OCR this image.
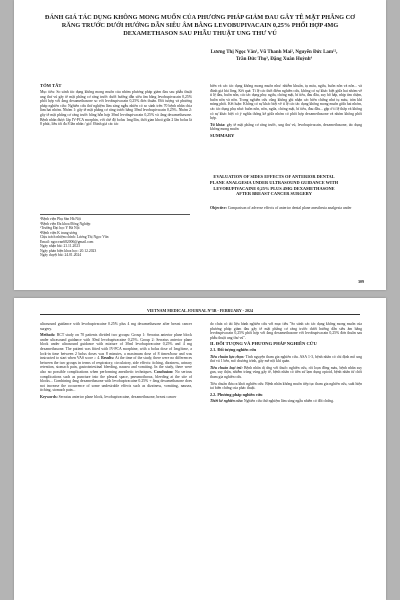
ĐÁNH GIÁ TÁC DỤNG KHÔNG MONG MUỐN CỦA PHƯƠNG PHÁP GIẢM ĐAU GÂY TÊ MẶT PHẲNG CƠ RĂNG TRƯỚC DƯỚI HƯỚNG DẪN SIÊU ÂM BẰNG LEVOBUPIVACAIN 0,25% PHỐI HỢP 4MG DEXAMETHASON SAU PHẪU THUẬT UNG THƯ VÚ
Lương Thị Ngọc Vân¹, Vũ Thanh Mai², Nguyễn Đức Lam¹²,
Trần Đức Thọ³, Đặng Xuân Huỳnh⁴
TÓM TẮT

Mục tiêu: So sánh tác dụng không mong muốn của nhóm phương pháp giảm đau sau phẫu thuật ung thư vú gây tê mặt phẳng cơ răng trước dưới hướng dẫn siêu âm bằng levobupivacain 0,25% phối hợp với 4mg dexamethasone so với levobupivacain 0,25% đơn thuần. Đối tượng và phương pháp nghiên cứu: Nghiên cứu thử nghiệm lâm sàng ngẫu nhiên có so sánh trên 70 bệnh nhân chia làm hai nhóm. Nhóm 1: gây tê mặt phẳng cơ răng trước bằng 30ml levobupivacain 0,25%. Nhóm 2: gây tê mặt phẳng cơ răng trước bằng hỗn hợp 30ml levobupivacain 0,25% và 4mg dexamethasone. Bệnh nhân được lắp IV-PCA morphin, với chế độ bolus 1mg/lần, thời gian khoá giữa 2 lần bolus là 8 phút, liều tối đa 8 lần nhấn / giờ. Đánh giá các tác

biến và các tác dụng không mong muốn như: nhiễm khuẩn, tụ máu, ngứa, buồn nôn và nôn... và đánh giá hài lòng. Kết quả: Tỉ lệ các thời điểm nghiên cứu, không có sự khác biệt giữa hai nhóm về tỉ lệ đau, buồn nôn, các tác dụng phụ: ngứa, chóng mặt, bí tiểu, đau đầu, suy hô hấp, nhịp tim chậm, buồn nôn và nôn. Trong nghiên cứu cũng không ghi nhận các biến chứng như tụ máu, tràn khí màng phổi. Kết luận: Không có sự khác biệt về tỉ lệ các tác dụng không mong muốn giữa hai nhóm, các tác dụng phụ như: buồn nôn, nôn, ngứa, chóng mặt, bí tiểu, đau đầu... gặp ở tỉ lệ thấp và không có sự khác biệt có ý nghĩa thống kê giữa nhóm có phối hợp dexamethasone và nhóm không phối hợp.

Từ khóa: gây tê mặt phẳng cơ răng trước, ung thư vú, levobupivacain, dexamethasone, tác dụng không mong muốn

SUMMARY
EVALUATION OF SIDES EFFECTS OF ANTERIOR DENTAL PLANE ANALGESIA UNDER ULTRASOUND GUIDANCE WITH LEVOBUPIVACAINE 0,25% PLUS 4MG DEXAMETHASONE AFTER BREAST CANCER SURGERY

Objective: Comparison of adverse effects of anterior dental plane anesthesia analgesia under

¹Bệnh viện Phụ Sản Hà Nội
²Bệnh viện Đa khoa Đống Nghiệp
³Trường Đại học Y Hà Nội
⁴Bệnh viện K trung ương
Chịu trách nhiệm chính: Lương Thị Ngọc Vân
Email: ngocvan682006@gmail.com
Ngày nhận bài: 21.11.2023
Ngày phản biện khoa học: 20.12.2023
Ngày duyệt bài: 24.01.2024
309
VIETNAM MEDICAL JOURNAL Nº3B - FEBRUARY - 2024

ultrasound guidance with levobupivacaine 0.25% plus 4 mg dexamethasone after breast cancer surgery.

Methods: RCT study on 70 patients divided two groups: Group 1: Serratus anterior plane block under ultrasound guidance with 30ml levobupivacaine 0,25%. Group 2: Serratus anterior plane block under ultrasound guidance with mixture of 30ml levobupivacaine 0,25% and 4 mg dexamethasone. The patient was fitted with IV-PCA morphine, with a bolus dose of 1mg/time, a lock-in time between 2 bolus doses was 8 minutes, a maximum dose of 8 times/hour and was instructed to start when VAS score ≥ 4. Results: At the time of the study, there were no differences between the two groups in terms of respiratory, circulatory, side effects: itching, dizziness, urinary retention, stomach pain, gastrointestinal bleeding, nausea and vomiting. In the study, there were also no possible complications when performing anesthetic techniques. Conclusion: No serious complications such as puncture into the pleural space, pneumothorax, bleeding at the site of blocks... Combining 4mg dexamethasone with levobupivacaine 0.25% + 4mg dexamethasone does not increase the occurrence of some undesirable effects such as dizziness, vomiting, nausea, itching, stomach pain...

Keywords: Serratus anterior plane block, levobupivacaine, dexamethasone, breast cancer

do chưa có tài liệu hành nghiên cứu với mục tiêu "So sánh các tác dụng không mong muốn của phương pháp giảm đau gây tê mặt phẳng cơ răng trước dưới hướng dẫn siêu âm bằng levobupivacain 0,25% phối hợp với 4mg dexamethasone với levobupivacain 0,25% đơn thuần sau phẫu thuật ung thư vú".

II. ĐỐI TƯỢNG VÀ PHƯƠNG PHÁP NGHIÊN CỨU
2.1. Đối tượng nghiên cứu

Tiêu chuẩn lựa chọn: Tình nguyện tham gia nghiên cứu. ASA 1-3, bệnh nhân có chỉ định mổ ung thư vú 1 bên, mổ chương trình, gây mê nội khí quản.

Tiêu chuẩn loại trừ: Bệnh nhân dị ứng với thuốc nghiên cứu, rối loạn đông máu, bệnh nhân suy gan, suy thận, nhiễm trùng vùng gây tê, bệnh nhân có tiền sử lạm dụng opioid, bệnh nhân từ chối tham gia nghiên cứu.

Tiêu chuẩn đưa ra khỏi nghiên cứu: Bệnh nhân không muốn tiếp tục tham gia nghiên cứu, suất hiện tai biến chứng của phác thuật.

2.2. Phương pháp nghiên cứu

Thiết kế nghiên cứu: Nghiên cứu thử nghiệm lâm sàng ngẫu nhiên có đối chứng.
